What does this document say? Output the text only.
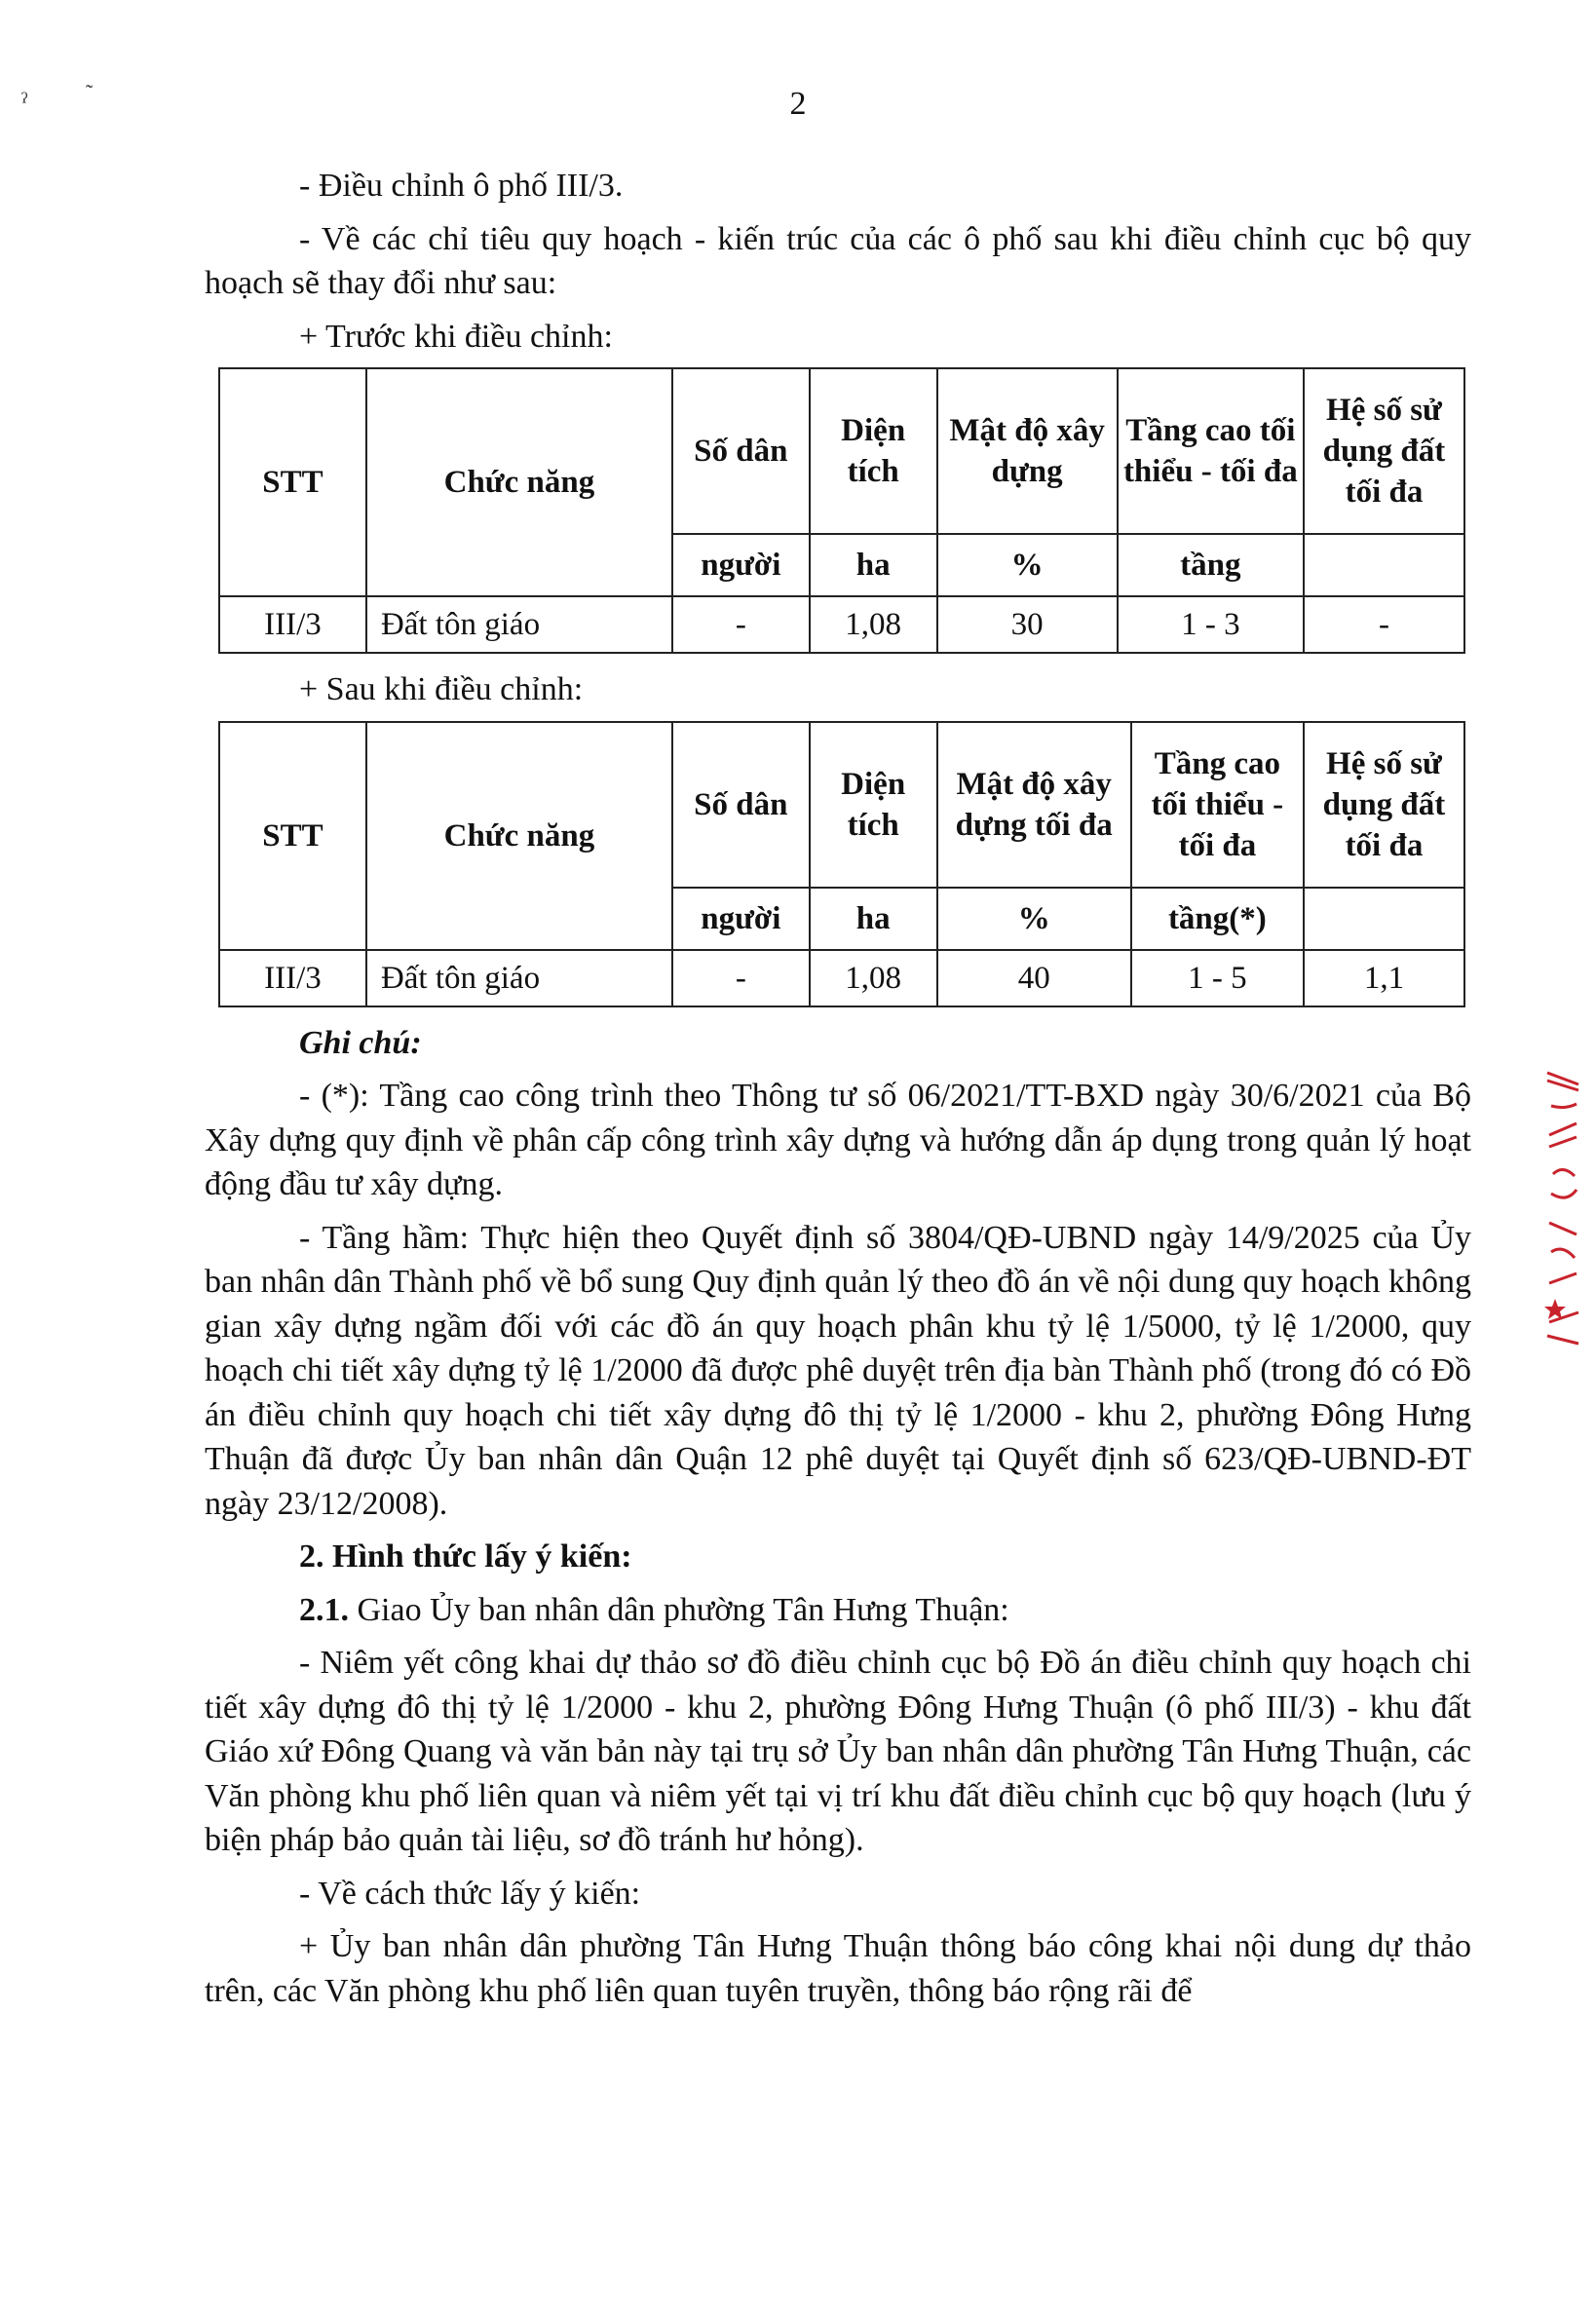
ˀ	˜	2

- Điều chỉnh ô phố III/3.

- Về các chỉ tiêu quy hoạch - kiến trúc của các ô phố sau khi điều chỉnh cục bộ quy hoạch sẽ thay đổi như sau:

+ Trước khi điều chỉnh:

STT	Chức năng	Số dân	Diện tích	Mật độ xây dựng	Tầng cao tối thiểu - tối đa	Hệ số sử dụng đất tối đa
		người	ha	%	tầng	
III/3	Đất tôn giáo	-	1,08	30	1 - 3	-

+ Sau khi điều chỉnh:

STT	Chức năng	Số dân	Diện tích	Mật độ xây dựng tối đa	Tầng cao tối thiểu - tối đa	Hệ số sử dụng đất tối đa
		người	ha	%	tầng(*)	
III/3	Đất tôn giáo	-	1,08	40	1 - 5	1,1

Ghi chú:

- (*): Tầng cao công trình theo Thông tư số 06/2021/TT-BXD ngày 30/6/2021 của Bộ Xây dựng quy định về phân cấp công trình xây dựng và hướng dẫn áp dụng trong quản lý hoạt động đầu tư xây dựng.

- Tầng hầm: Thực hiện theo Quyết định số 3804/QĐ-UBND ngày 14/9/2025 của Ủy ban nhân dân Thành phố về bổ sung Quy định quản lý theo đồ án về nội dung quy hoạch không gian xây dựng ngầm đối với các đồ án quy hoạch phân khu tỷ lệ 1/5000, tỷ lệ 1/2000, quy hoạch chi tiết xây dựng tỷ lệ 1/2000 đã được phê duyệt trên địa bàn Thành phố (trong đó có Đồ án điều chỉnh quy hoạch chi tiết xây dựng đô thị tỷ lệ 1/2000 - khu 2, phường Đông Hưng Thuận đã được Ủy ban nhân dân Quận 12 phê duyệt tại Quyết định số 623/QĐ-UBND-ĐT ngày 23/12/2008).

2. Hình thức lấy ý kiến:

2.1. Giao Ủy ban nhân dân phường Tân Hưng Thuận:

- Niêm yết công khai dự thảo sơ đồ điều chỉnh cục bộ Đồ án điều chỉnh quy hoạch chi tiết xây dựng đô thị tỷ lệ 1/2000 - khu 2, phường Đông Hưng Thuận (ô phố III/3) - khu đất Giáo xứ Đông Quang và văn bản này tại trụ sở Ủy ban nhân dân phường Tân Hưng Thuận, các Văn phòng khu phố liên quan và niêm yết tại vị trí khu đất điều chỉnh cục bộ quy hoạch (lưu ý biện pháp bảo quản tài liệu, sơ đồ tránh hư hỏng).

- Về cách thức lấy ý kiến:

+ Ủy ban nhân dân phường Tân Hưng Thuận thông báo công khai nội dung dự thảo trên, các Văn phòng khu phố liên quan tuyên truyền, thông báo rộng rãi để
